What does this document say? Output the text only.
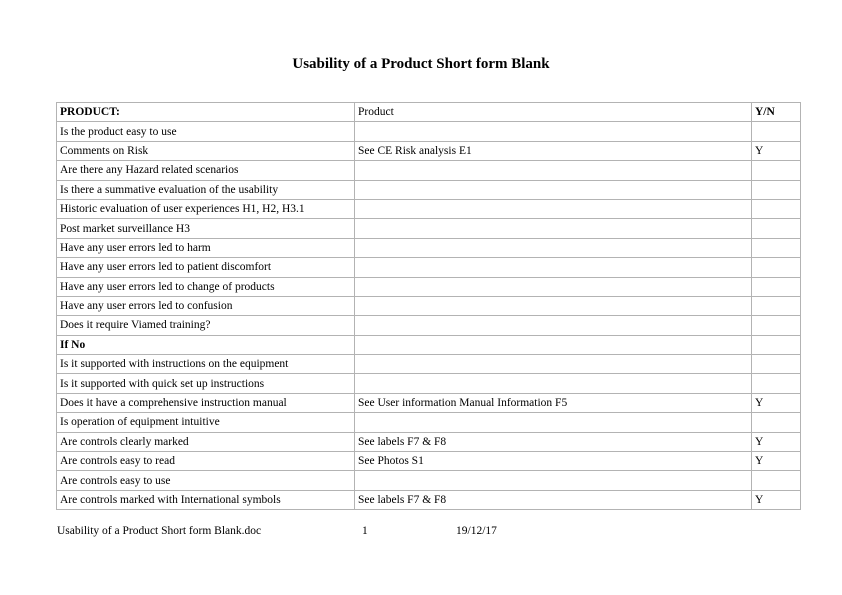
Usability of a Product Short form Blank
PRODUCT:	Product	Y/N
Is the product easy to use		
Comments on Risk	See CE Risk analysis E1	Y
Are there any Hazard related scenarios		
Is there a summative evaluation of the usability		
Historic evaluation of user experiences H1, H2, H3.1		
Post market surveillance H3		
Have any user errors led to harm		
Have any user errors led to patient discomfort		
Have any user errors led to change of products		
Have any user errors led to confusion		
Does it require Viamed training?		
If No		
Is it supported with instructions on the equipment		
Is it supported with quick set up instructions		
Does it have a comprehensive instruction manual	See User information Manual Information F5	Y
Is operation of equipment intuitive		
Are controls clearly marked	See labels F7 & F8	Y
Are controls easy to read	See Photos S1	Y
Are controls easy to use		
Are controls marked with International symbols	See labels F7 & F8	Y
Usability of a Product Short form Blank.doc	1	19/12/17
